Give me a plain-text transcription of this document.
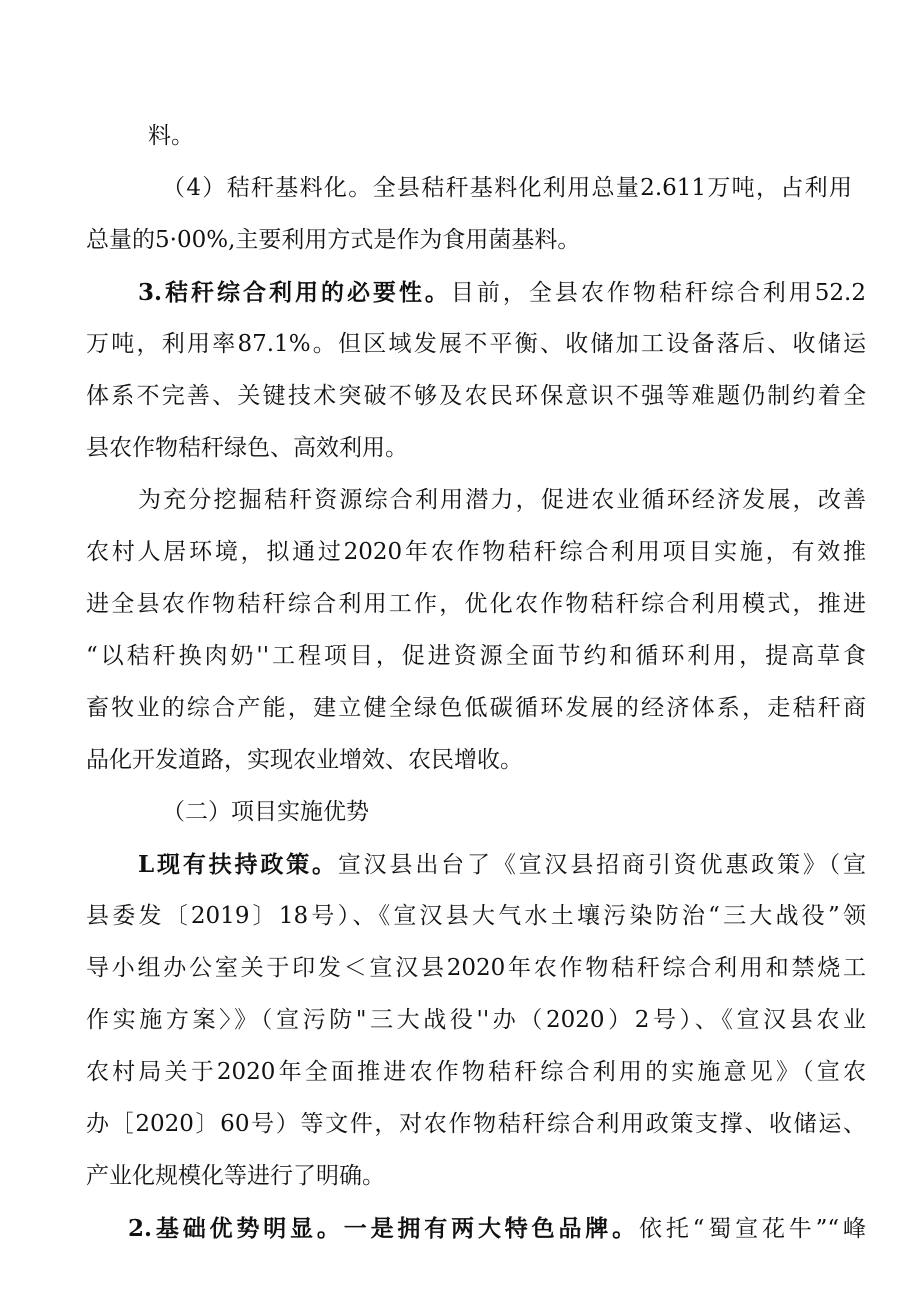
料。
（4）秸秆基料化。全县秸秆基料化利用总量2.611万吨，占利用
总量的5·00%,主要利用方式是作为食用菌基料。
3.秸秆综合利用的必要性。目前，全县农作物秸秆综合利用52.2
万吨，利用率87.1%。但区域发展不平衡、收储加工设备落后、收储运
体系不完善、关键技术突破不够及农民环保意识不强等难题仍制约着全
县农作物秸秆绿色、高效利用。
为充分挖掘秸秆资源综合利用潜力，促进农业循环经济发展，改善
农村人居环境，拟通过2020年农作物秸秆综合利用项目实施，有效推
进全县农作物秸秆综合利用工作，优化农作物秸秆综合利用模式，推进
“以秸秆换肉奶''工程项目，促进资源全面节约和循环利用，提高草食
畜牧业的综合产能，建立健全绿色低碳循环发展的经济体系，走秸秆商
品化开发道路，实现农业增效、农民增收。
（二）项目实施优势
L现有扶持政策。宣汉县出台了《宣汉县招商引资优惠政策》（宣
县委发〔2019〕18号）、《宣汉县大气水土壤污染防治“三大战役”领
导小组办公室关于印发＜宣汉县2020年农作物秸秆综合利用和禁烧工
作实施方案〉》（宣污防"三大战役''办（2020）2号）、《宣汉县农业
农村局关于2020年全面推进农作物秸秆综合利用的实施意见》（宣农
办［2020〕60号）等文件，对农作物秸秆综合利用政策支撑、收储运、
产业化规模化等进行了明确。
2.基础优势明显。一是拥有两大特色品牌。依托“蜀宣花牛”“峰
